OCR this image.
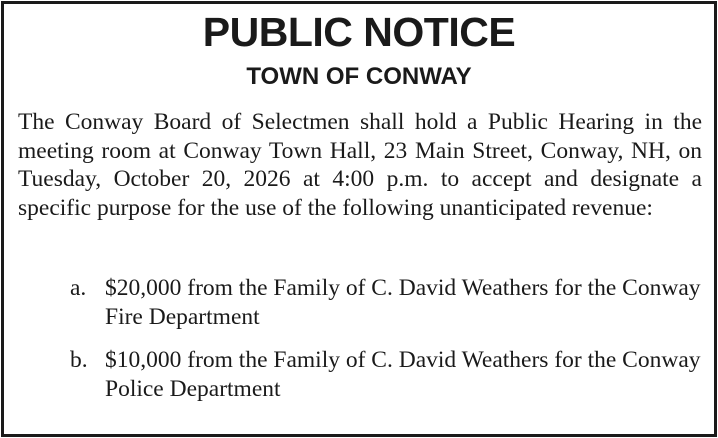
PUBLIC NOTICE
TOWN OF CONWAY
The Conway Board of Selectmen shall hold a Public Hearing in the meeting room at Conway Town Hall, 23 Main Street, Conway, NH, on Tuesday, October 20, 2026 at 4:00 p.m. to accept and designate a specific purpose for the use of the following unanticipated revenue:
a. $20,000 from the Family of C. David Weathers for the Conway Fire Department
b. $10,000 from the Family of C. David Weathers for the Conway Police Department
